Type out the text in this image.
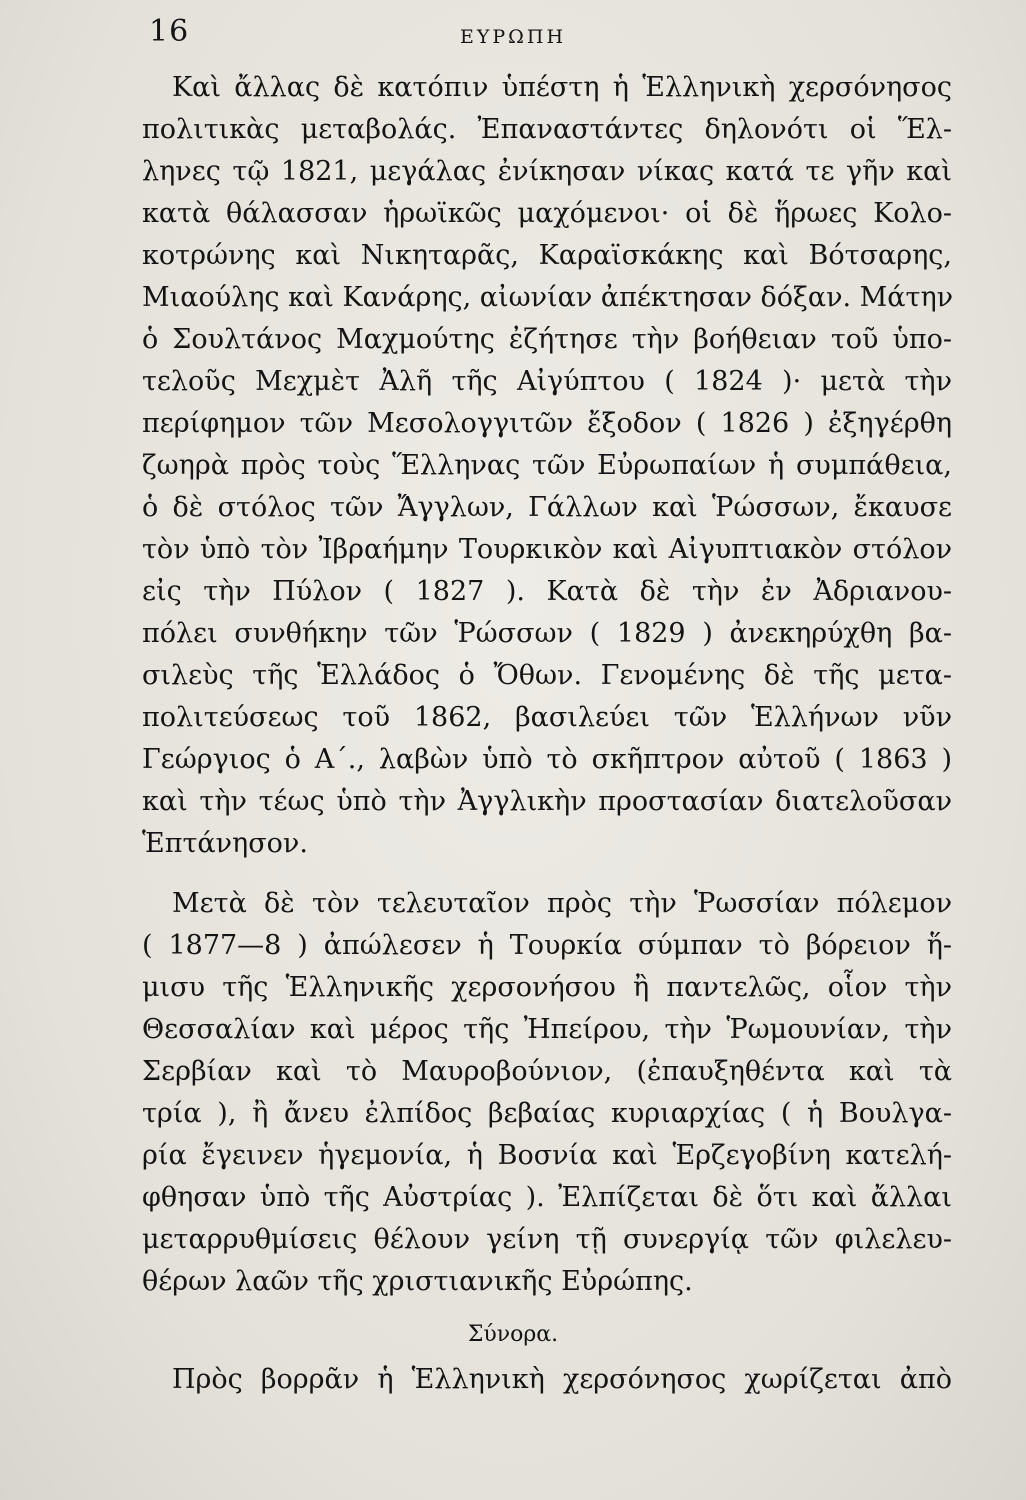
16	ΕΥΡΩΠΗ
Καὶ ἄλλας δὲ κατόπιν ὑπέστη ἡ Ἑλληνικὴ χερσόνησος
πολιτικὰς μεταβολάς. Ἐπαναστάντες δηλονότι οἱ Ἕλ-
ληνες τῷ 1821, μεγάλας ἐνίκησαν νίκας κατά τε γῆν καὶ
κατὰ θάλασσαν ἡρωϊκῶς μαχόμενοι· οἱ δὲ ἥρωες Κολο-
κοτρώνης καὶ Νικηταρᾶς, Καραϊσκάκης καὶ Βότσαρης,
Μιαούλης καὶ Κανάρης, αἰωνίαν ἀπέκτησαν δόξαν. Μάτην
ὁ Σουλτάνος Μαχμούτης ἐζήτησε τὴν βοήθειαν τοῦ ὑπο-
τελοῦς Μεχμὲτ Ἀλῆ τῆς Αἰγύπτου ( 1824 )· μετὰ τὴν
περίφημον τῶν Μεσολογγιτῶν ἔξοδον ( 1826 ) ἐξηγέρθη
ζωηρὰ πρὸς τοὺς Ἕλληνας τῶν Εὐρωπαίων ἡ συμπάθεια,
ὁ δὲ στόλος τῶν Ἄγγλων, Γάλλων καὶ Ῥώσσων, ἔκαυσε
τὸν ὑπὸ τὸν Ἰβραήμην Τουρκικὸν καὶ Αἰγυπτιακὸν στόλον
εἰς τὴν Πύλον ( 1827 ). Κατὰ δὲ τὴν ἐν Ἀδριανου-
πόλει συνθήκην τῶν Ῥώσσων ( 1829 ) ἀνεκηρύχθη βα-
σιλεὺς τῆς Ἑλλάδος ὁ Ὄθων. Γενομένης δὲ τῆς μετα-
πολιτεύσεως τοῦ 1862, βασιλεύει τῶν Ἑλλήνων νῦν
Γεώργιος ὁ Α΄., λαβὼν ὑπὸ τὸ σκῆπτρον αὐτοῦ ( 1863 )
καὶ τὴν τέως ὑπὸ τὴν Ἀγγλικὴν προστασίαν διατελοῦσαν
Ἑπτάνησον.
Μετὰ δὲ τὸν τελευταῖον πρὸς τὴν Ῥωσσίαν πόλεμον
( 1877—8 ) ἀπώλεσεν ἡ Τουρκία σύμπαν τὸ βόρειον ἥ-
μισυ τῆς Ἑλληνικῆς χερσονήσου ἢ παντελῶς, οἷον τὴν
Θεσσαλίαν καὶ μέρος τῆς Ἠπείρου, τὴν Ῥωμουνίαν, τὴν
Σερβίαν καὶ τὸ Μαυροβούνιον, (ἐπαυξηθέντα καὶ τὰ
τρία ), ἢ ἄνευ ἐλπίδος βεβαίας κυριαρχίας ( ἡ Βουλγα-
ρία ἔγεινεν ἡγεμονία, ἡ Βοσνία καὶ Ἑρζεγοβίνη κατελή-
φθησαν ὑπὸ τῆς Αὐστρίας ). Ἐλπίζεται δὲ ὅτι καὶ ἄλλαι
μεταρρυθμίσεις θέλουν γείνη τῇ συνεργίᾳ τῶν φιλελευ-
θέρων λαῶν τῆς χριστιανικῆς Εὐρώπης.
Σύνορα.
Πρὸς βορρᾶν ἡ Ἑλληνικὴ χερσόνησος χωρίζεται ἀπὸ
